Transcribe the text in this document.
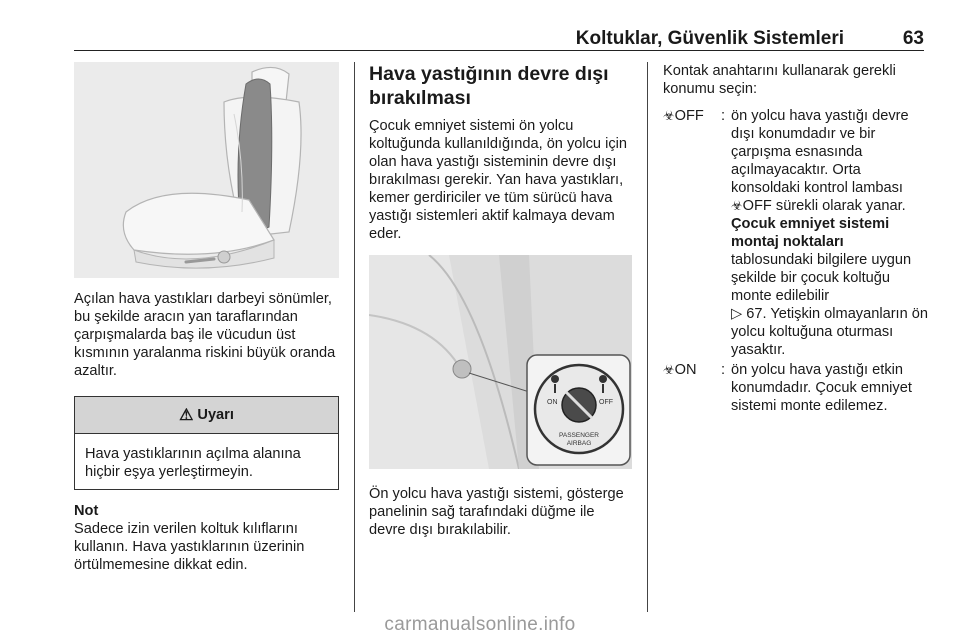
Koltuklar, Güvenlik Sistemleri	63

Açılan hava yastıkları darbeyi sönümler, bu şekilde aracın yan taraflarından çarpışmalarda baş ile vücudun üst kısmının yaralanma riskini büyük oranda azaltır.

⚠ Uyarı

Hava yastıklarının açılma alanına hiçbir eşya yerleştirmeyin.

Not

Sadece izin verilen koltuk kılıflarını kullanın. Hava yastıklarının üzerinin örtülmemesine dikkat edin.

Hava yastığının devre dışı bırakılması

Çocuk emniyet sistemi ön yolcu koltuğunda kullanıldığında, ön yolcu için olan hava yastığı sisteminin devre dışı bırakılması gerekir. Yan hava yastıkları, kemer gerdiriciler ve tüm sürücü hava yastığı sistemleri aktif kalmaya devam eder.

ON	OFF
PASSENGER
AIRBAG

Ön yolcu hava yastığı sistemi, gösterge panelinin sağ tarafındaki düğme ile devre dışı bırakılabilir.

Kontak anahtarını kullanarak gerekli konumu seçin:

☣OFF	: ön yolcu hava yastığı devre dışı konumdadır ve bir çarpışma esnasında açılmayacaktır. Orta konsoldaki kontrol lambası
☣OFF sürekli olarak yanar.
Çocuk emniyet sistemi montaj noktaları
tablosundaki bilgilere uygun şekilde bir çocuk koltuğu monte edilebilir
▷ 67. Yetişkin olmayanların ön yolcu koltuğuna oturması yasaktır.
☣ON	: ön yolcu hava yastığı etkin konumdadır. Çocuk emniyet sistemi monte edilemez.
carmanualsonline.info
